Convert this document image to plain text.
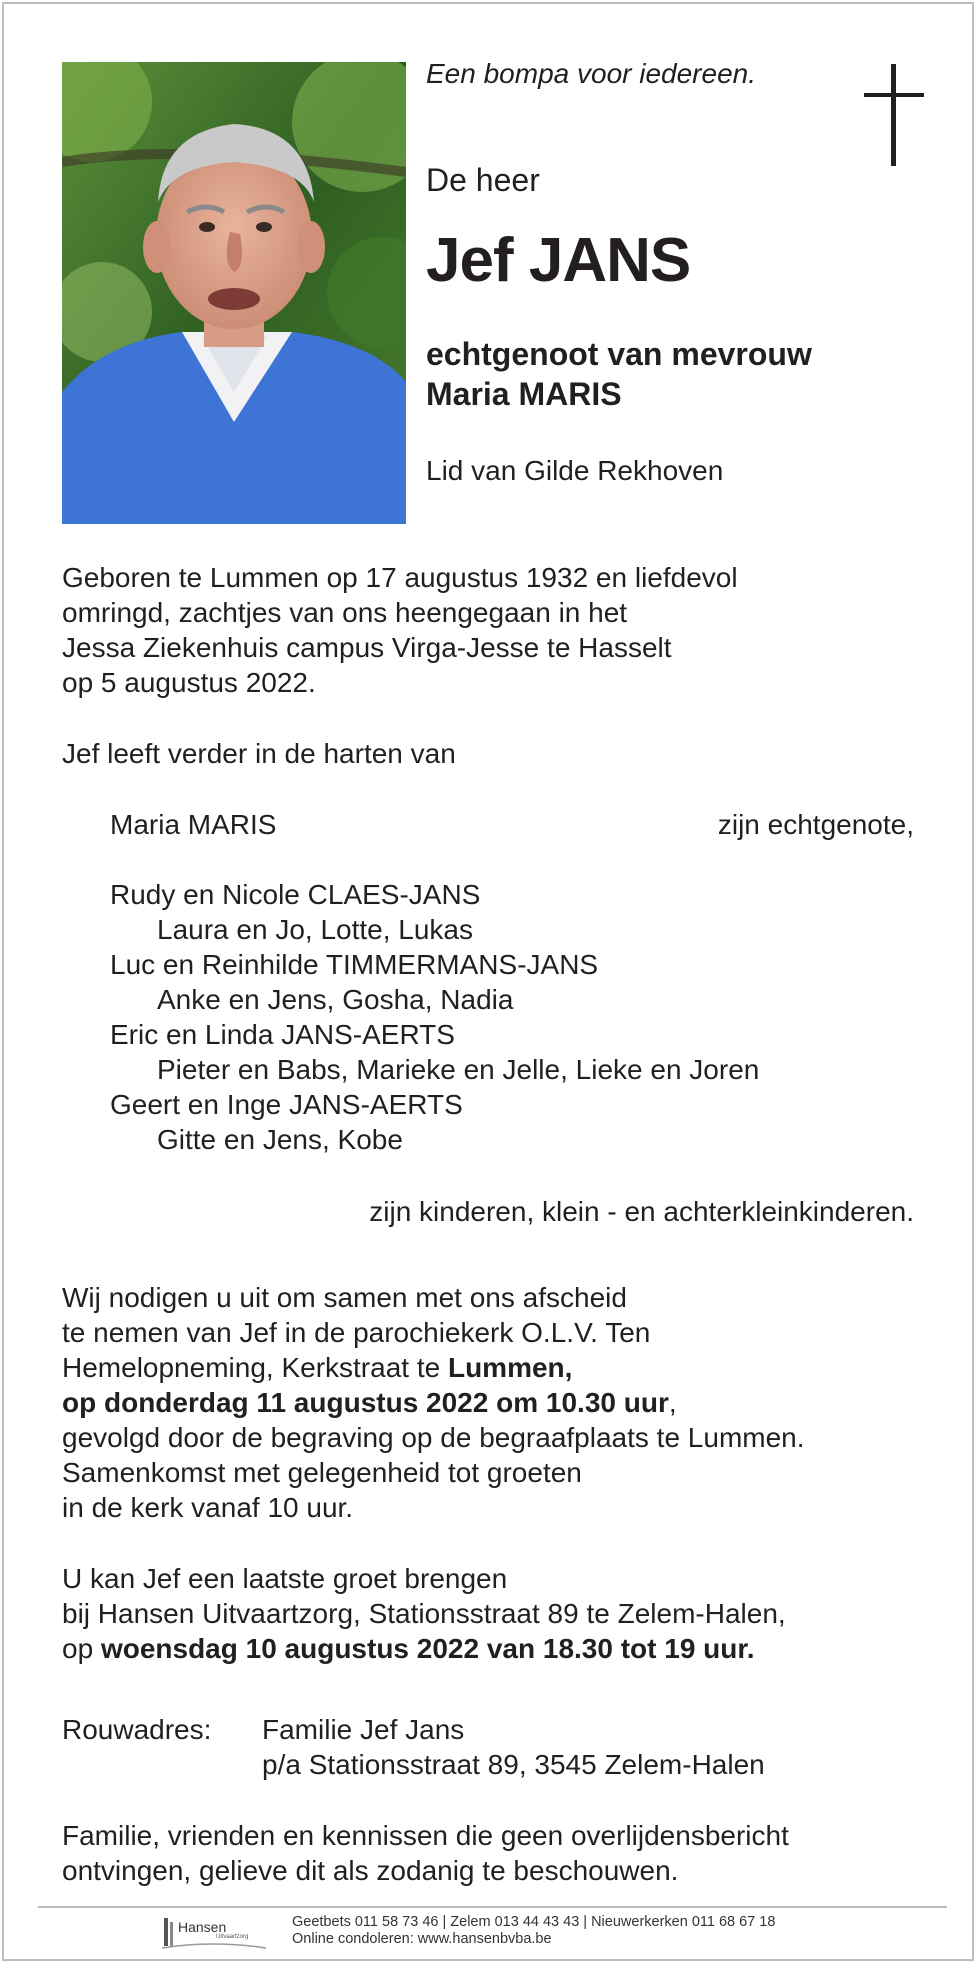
Een bompa voor iedereen.
De heer
Jef JANS
echtgenoot van mevrouw
Maria MARIS
Lid van Gilde Rekhoven
Geboren te Lummen op 17 augustus 1932 en liefdevol
omringd, zachtjes van ons heengegaan in het
Jessa Ziekenhuis campus Virga-Jesse te Hasselt
op 5 augustus 2022.
Jef leeft verder in de harten van
Maria MARIS	zijn echtgenote,
Rudy en Nicole CLAES-JANS
Laura en Jo, Lotte, Lukas
Luc en Reinhilde TIMMERMANS-JANS
Anke en Jens, Gosha, Nadia
Eric en Linda JANS-AERTS
Pieter en Babs, Marieke en Jelle, Lieke en Joren
Geert en Inge JANS-AERTS
Gitte en Jens, Kobe
zijn kinderen, klein - en achterkleinkinderen.
Wij nodigen u uit om samen met ons afscheid
te nemen van Jef in de parochiekerk O.L.V. Ten
Hemelopneming, Kerkstraat te Lummen,
op donderdag 11 augustus 2022 om 10.30 uur,
gevolgd door de begraving op de begraafplaats te Lummen.
Samenkomst met gelegenheid tot groeten
in de kerk vanaf 10 uur.
U kan Jef een laatste groet brengen
bij Hansen Uitvaartzorg, Stationsstraat 89 te Zelem-Halen,
op woensdag 10 augustus 2022 van 18.30 tot 19 uur.
Rouwadres: Familie Jef Jans
p/a Stationsstraat 89, 3545 Zelem-Halen
Familie, vrienden en kennissen die geen overlijdensbericht
ontvingen, gelieve dit als zodanig te beschouwen.
Hansen
Uitvaartzorg
Geetbets 011 58 73 46 | Zelem 013 44 43 43 | Nieuwerkerken 011 68 67 18
Online condoleren: www.hansenbvba.be
